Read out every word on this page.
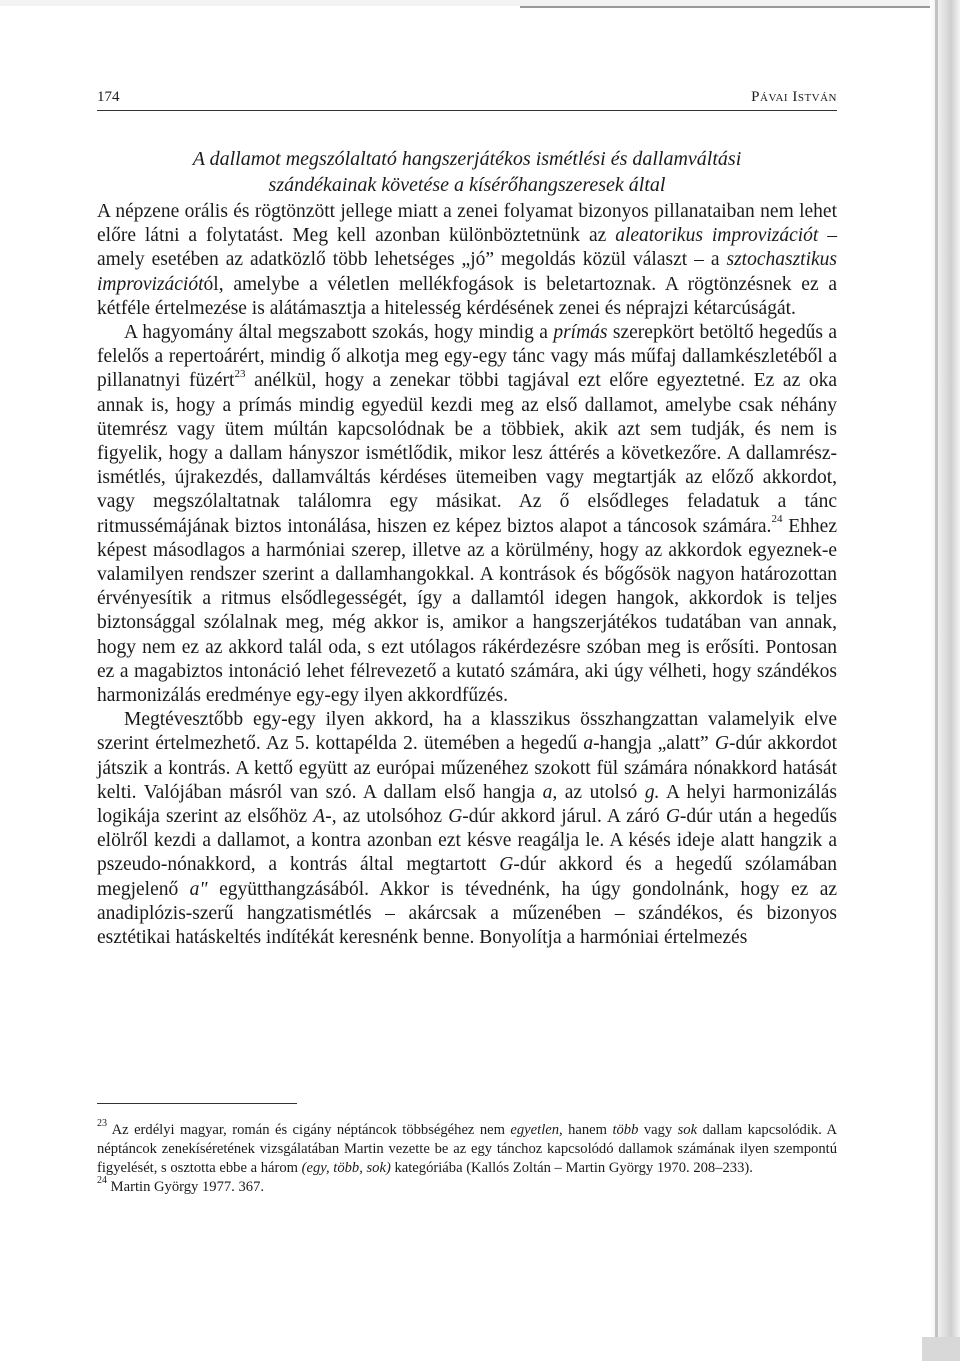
174	Pávai István
A dallamot megszólaltató hangszerjátékos ismétlési és dallamváltási
szándékainak követése a kísérőhangszeresek által

A népzene orális és rögtönzött jellege miatt a zenei folyamat bizonyos pillanataiban nem lehet előre látni a folytatást. Meg kell azonban különböztetnünk az aleatorikus improvizációt – amely esetében az adatközlő több lehetséges „jó” megoldás közül választ – a sztochasztikus improvizációtól, amelybe a véletlen mellékfogások is beletartoznak. A rögtönzésnek ez a kétféle értelmezése is alátámasztja a hitelesség kérdésének zenei és néprajzi kétarcúságát.

A hagyomány által megszabott szokás, hogy mindig a prímás szerepkört betöltő hegedűs a felelős a repertoárért, mindig ő alkotja meg egy-egy tánc vagy más műfaj dallamkészletéből a pillanatnyi füzért$^{23}$ anélkül, hogy a zenekar többi tagjával ezt előre egyeztetné. Ez az oka annak is, hogy a prímás mindig egyedül kezdi meg az első dallamot, amelybe csak néhány ütemrész vagy ütem múltán kapcsolódnak be a többiek, akik azt sem tudják, és nem is figyelik, hogy a dallam hányszor ismétlődik, mikor lesz áttérés a következőre. A dallamrész-ismétlés, újrakezdés, dallamváltás kérdéses ütemeiben vagy megtartják az előző akkordot, vagy megszólaltatnak találomra egy másikat. Az ő elsődleges feladatuk a tánc ritmussémájának biztos intonálása, hiszen ez képez biztos alapot a táncosok számára.$^{24}$ Ehhez képest másodlagos a harmóniai szerep, illetve az a körülmény, hogy az akkordok egyeznek-e valamilyen rendszer szerint a dallamhangokkal. A kontrások és bőgősök nagyon határozottan érvényesítik a ritmus elsődlegességét, így a dallamtól idegen hangok, akkordok is teljes biztonsággal szólalnak meg, még akkor is, amikor a hangszerjátékos tudatában van annak, hogy nem ez az akkord talál oda, s ezt utólagos rákérdezésre szóban meg is erősíti. Pontosan ez a magabiztos intonáció lehet félrevezető a kutató számára, aki úgy vélheti, hogy szándékos harmonizálás eredménye egy-egy ilyen akkordfűzés.

Megtévesztőbb egy-egy ilyen akkord, ha a klasszikus összhangzattan valamelyik elve szerint értelmezhető. Az 5. kottapélda 2. ütemében a hegedű a-hangja „alatt” G-dúr akkordot játszik a kontrás. A kettő együtt az európai műzenéhez szokott fül számára nónakkord hatását kelti. Valójában másról van szó. A dallam első hangja a, az utolsó g. A helyi harmonizálás logikája szerint az elsőhöz A-, az utolsóhoz G-dúr akkord járul. A záró G-dúr után a hegedűs elölről kezdi a dallamot, a kontra azonban ezt késve reagálja le. A késés ideje alatt hangzik a pszeudo-nónakkord, a kontrás által megtartott G-dúr akkord és a hegedű szólamában megjelenő a" együtthangzásából. Akkor is tévednénk, ha úgy gondolnánk, hogy ez az anadiplózis-szerű hangzatismétlés – akárcsak a műzenében – szándékos, és bizonyos esztétikai hatáskeltés indítékát keresnénk benne. Bonyolítja a harmóniai értelmezés

$^{23}$ Az erdélyi magyar, román és cigány néptáncok többségéhez nem egyetlen, hanem több vagy sok dallam kapcsolódik. A néptáncok zenekíséretének vizsgálatában Martin vezette be az egy tánchoz kapcsolódó dallamok számának ilyen szempontú figyelését, s osztotta ebbe a három (egy, több, sok) kategóriába (Kallós Zoltán – Martin György 1970. 208–233).

$^{24}$ Martin György 1977. 367.
